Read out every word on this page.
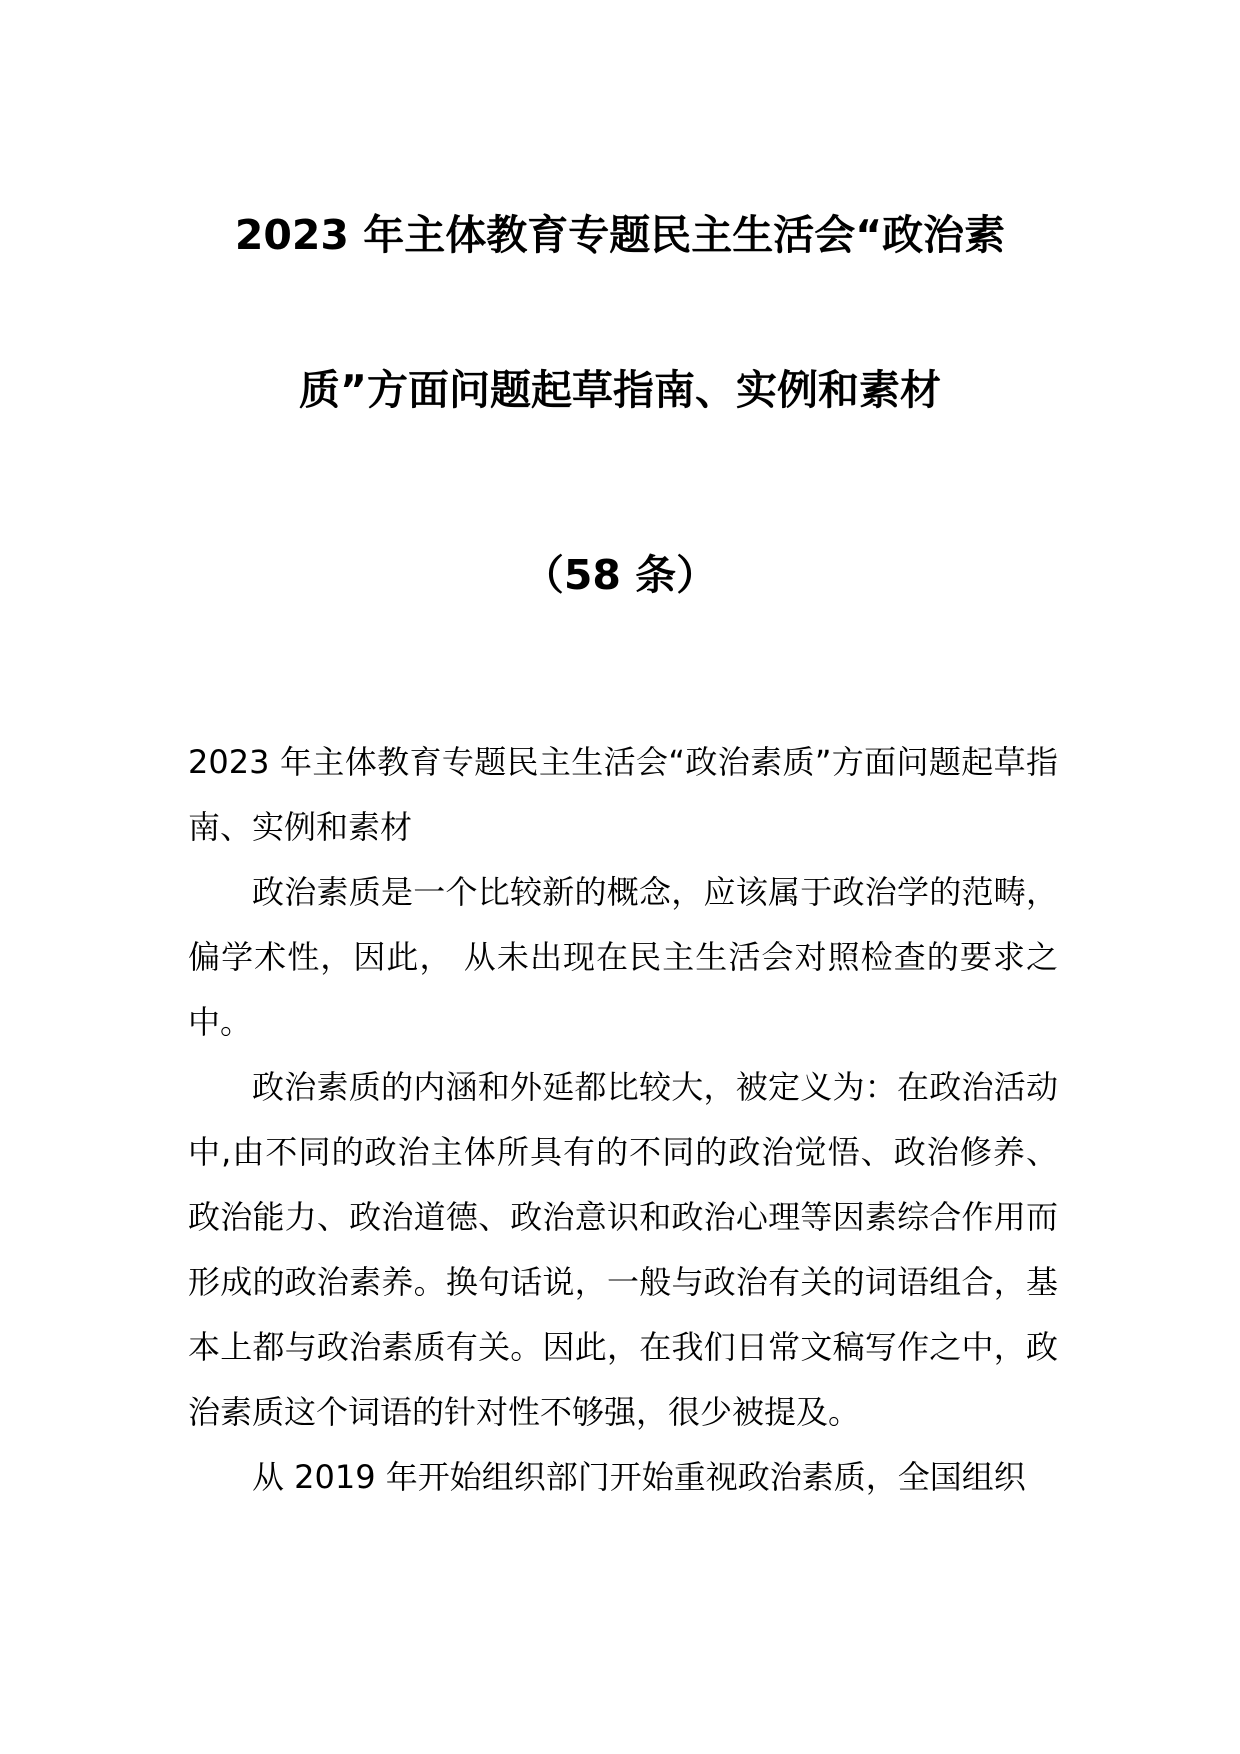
2023 年主体教育专题民主生活会“政治素
质”方面问题起草指南、实例和素材
（58 条）

2023 年主体教育专题民主生活会“政治素质”方面问题起草指南、实例和素材

政治素质是一个比较新的概念，应该属于政治学的范畴，偏学术性，因此， 从未出现在民主生活会对照检查的要求之中。

政治素质的内涵和外延都比较大，被定义为：在政治活动中,由不同的政治主体所具有的不同的政治觉悟、政治修养、政治能力、政治道德、政治意识和政治心理等因素综合作用而形成的政治素养。换句话说，一般与政治有关的词语组合，基本上都与政治素质有关。因此，在我们日常文稿写作之中，政治素质这个词语的针对性不够强，很少被提及。

从 2019 年开始组织部门开始重视政治素质，全国组织
